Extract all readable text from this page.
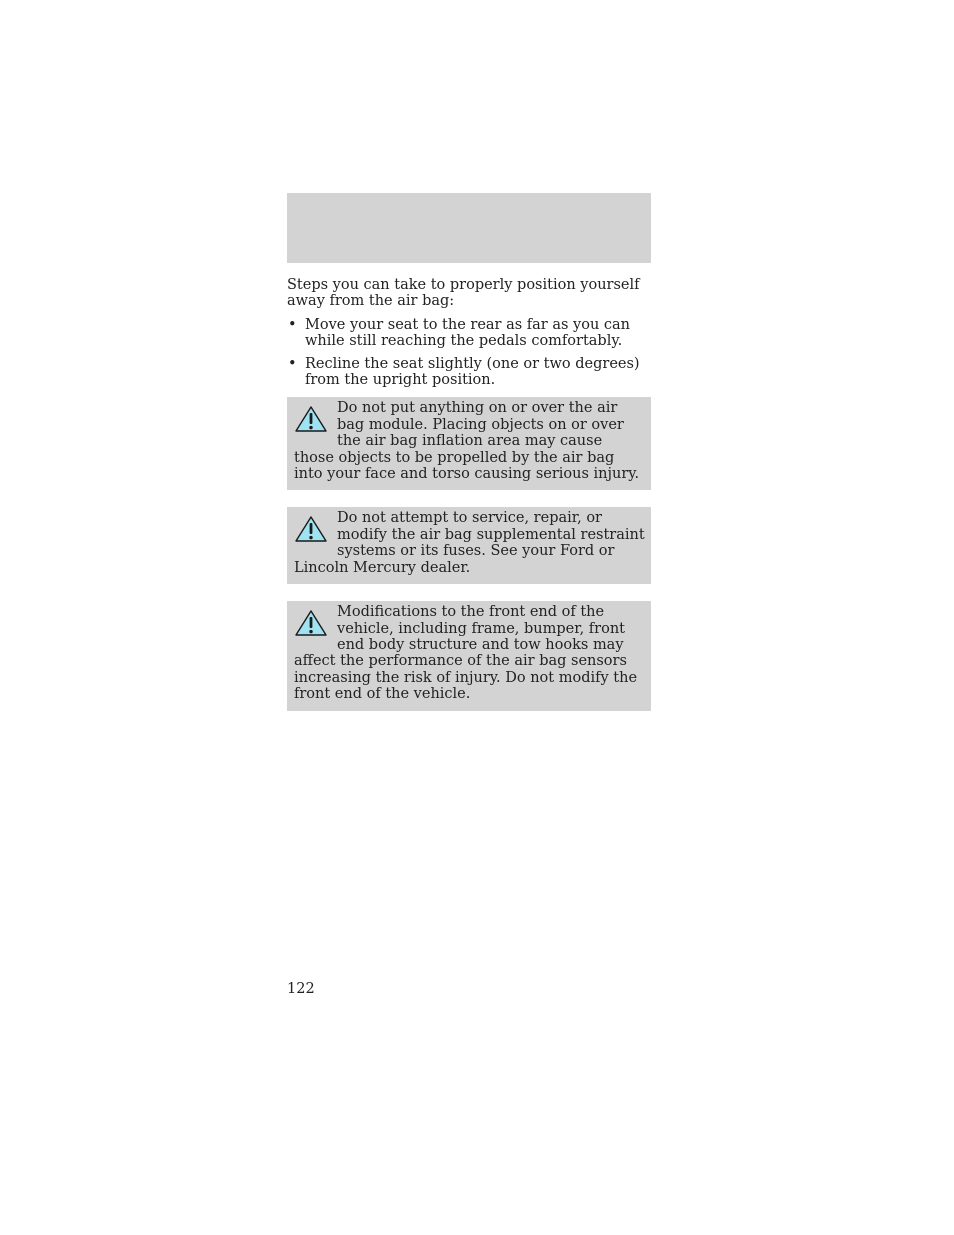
Steps you can take to properly position yourself away from the air bag:

• Move your seat to the rear as far as you can while still reaching the pedals comfortably.
• Recline the seat slightly (one or two degrees) from the upright position.

Do not put anything on or over the air bag module. Placing objects on or over the air bag inflation area may cause those objects to be propelled by the air bag into your face and torso causing serious injury.

Do not attempt to service, repair, or modify the air bag supplemental restraint systems or its fuses. See your Ford or Lincoln Mercury dealer.

Modifications to the front end of the vehicle, including frame, bumper, front end body structure and tow hooks may affect the performance of the air bag sensors increasing the risk of injury. Do not modify the front end of the vehicle.

122
